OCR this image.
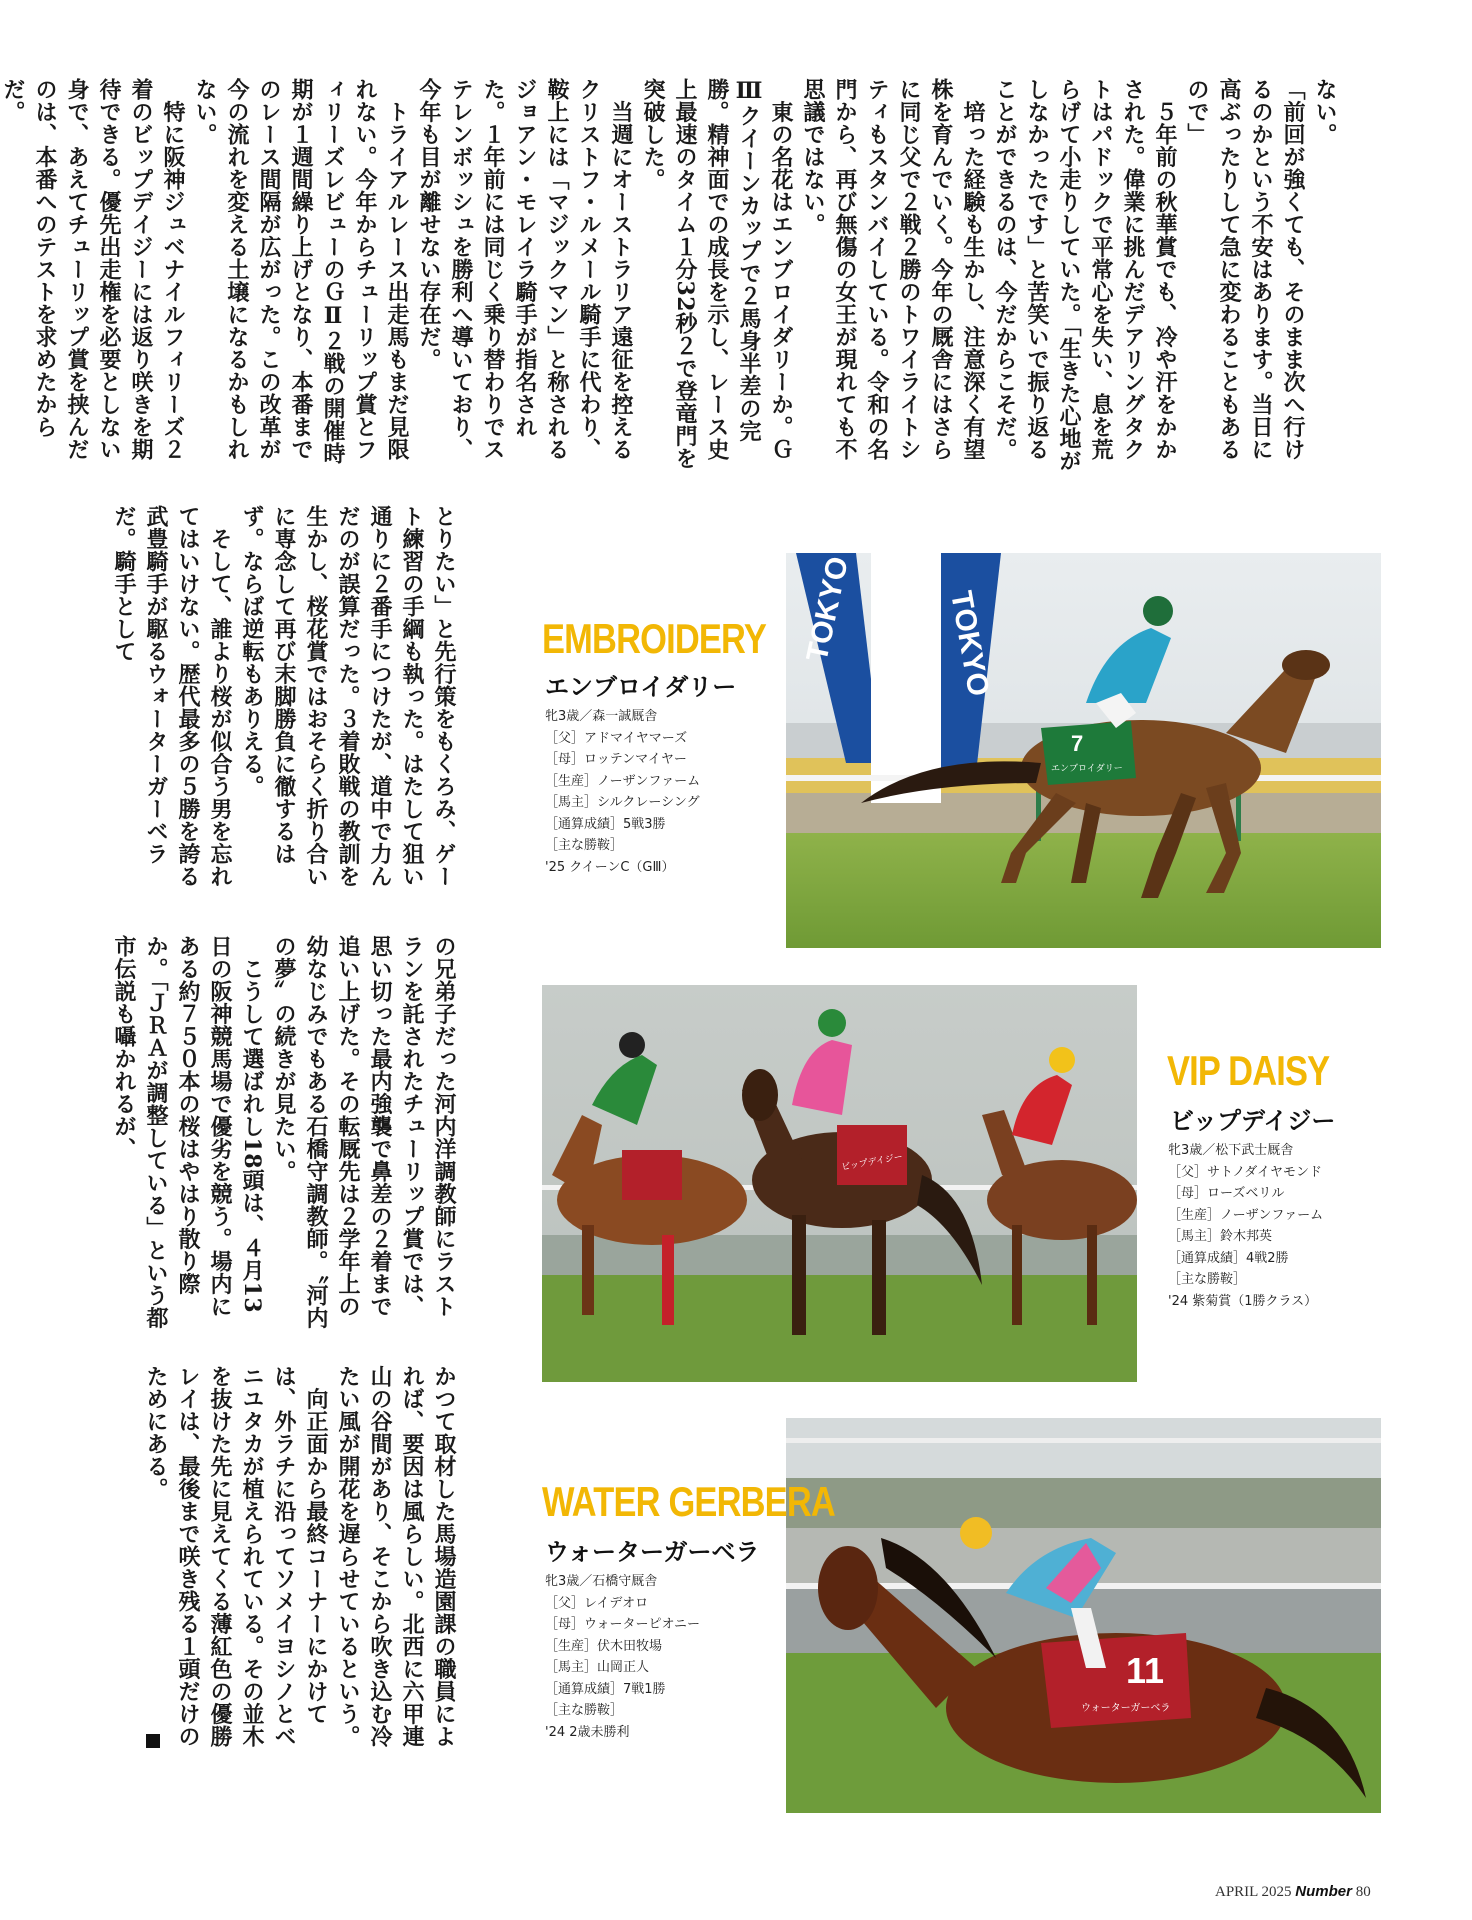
ない。
「前回が強くても、そのまま次へ行けるのかという不安はあります。当日に高ぶったりして急に変わることもあるので」
　５年前の秋華賞でも、冷や汗をかかされた。偉業に挑んだデアリングタクトはパドックで平常心を失い、息を荒らげて小走りしていた。「生きた心地がしなかったです」と苦笑いで振り返ることができるのは、今だからこそだ。
　培った経験も生かし、注意深く有望株を育んでいく。今年の厩舎にはさらに同じ父で２戦２勝のトワイライトシティもスタンバイしている。令和の名門から、再び無傷の女王が現れても不思議ではない。
　東の名花はエンブロイダリーか。ＧⅢクイーンカップで２馬身半差の完勝。精神面での成長を示し、レース史上最速のタイム１分32秒２で登竜門を突破した。
　当週にオーストラリア遠征を控えるクリストフ・ルメール騎手に代わり、鞍上には「マジックマン」と称されるジョアン・モレイラ騎手が指名された。１年前には同じく乗り替わりでステレンボッシュを勝利へ導いており、今年も目が離せない存在だ。
　トライアルレース出走馬もまだ見限れない。今年からチューリップ賞とフィリーズレビューのＧⅡ２戦の開催時期が１週間繰り上げとなり、本番までのレース間隔が広がった。この改革が今の流れを変える土壌になるかもしれない。
　特に阪神ジュベナイルフィリーズ２着のビップデイジーには返り咲きを期待できる。優先出走権を必要としない身で、あえてチューリップ賞を挟んだのは、本番へのテストを求めたからだ。

とりたい」と先行策をもくろみ、ゲート練習の手綱も執った。はたして狙い通りに２番手につけたが、道中で力んだのが誤算だった。３着敗戦の教訓を生かし、桜花賞ではおそらく折り合いに専念して再び末脚勝負に徹するはず。ならば逆転もありえる。
　そして、誰より桜が似合う男を忘れてはいけない。歴代最多の５勝を誇る武豊騎手が駆るウォーターガーベラだ。騎手として
の兄弟子だった河内洋調教師にラストランを託されたチューリップ賞では、思い切った最内強襲で鼻差の２着まで追い上げた。その転厩先は２学年上の幼なじみでもある石橋守調教師。〝河内の夢〟の続きが見たい。
　こうして選ばれし18頭は、４月13日の阪神競馬場で優劣を競う。場内にある約７５０本の桜はやはり散り際か。「ＪＲＡが調整している」という都市伝説も囁かれるが、
かつて取材した馬場造園課の職員によれば、要因は風らしい。北西に六甲連山の谷間があり、そこから吹き込む冷たい風が開花を遅らせているという。
　向正面から最終コーナーにかけては、外ラチに沿ってソメイヨシノとベニユタカが植えられている。その並木を抜けた先に見えてくる薄紅色の優勝レイは、最後まで咲き残る１頭だけのためにある。
TOKYO	TOKYO
7
エンブロイダリー
EMBROIDERY
エンブロイダリー
牝3歳／森一誠厩舎
［父］アドマイヤマーズ
［母］ロッテンマイヤー
［生産］ノーザンファーム
［馬主］シルクレーシング
［通算成績］5戦3勝
［主な勝鞍］
'25 クイーンC（GⅢ）
ビップデイジー
VIP DAISY
ビップデイジー
牝3歳／松下武士厩舎
［父］サトノダイヤモンド
［母］ローズベリル
［生産］ノーザンファーム
［馬主］鈴木邦英
［通算成績］4戦2勝
［主な勝鞍］
'24 紫菊賞（1勝クラス）
11
ウォーターガーベラ
WATER GERBERA
ウォーターガーベラ
牝3歳／石橋守厩舎
［父］レイデオロ
［母］ウォーターピオニー
［生産］伏木田牧場
［馬主］山岡正人
［通算成績］7戦1勝
［主な勝鞍］
'24 2歳未勝利
APRIL 2025 Number 80
